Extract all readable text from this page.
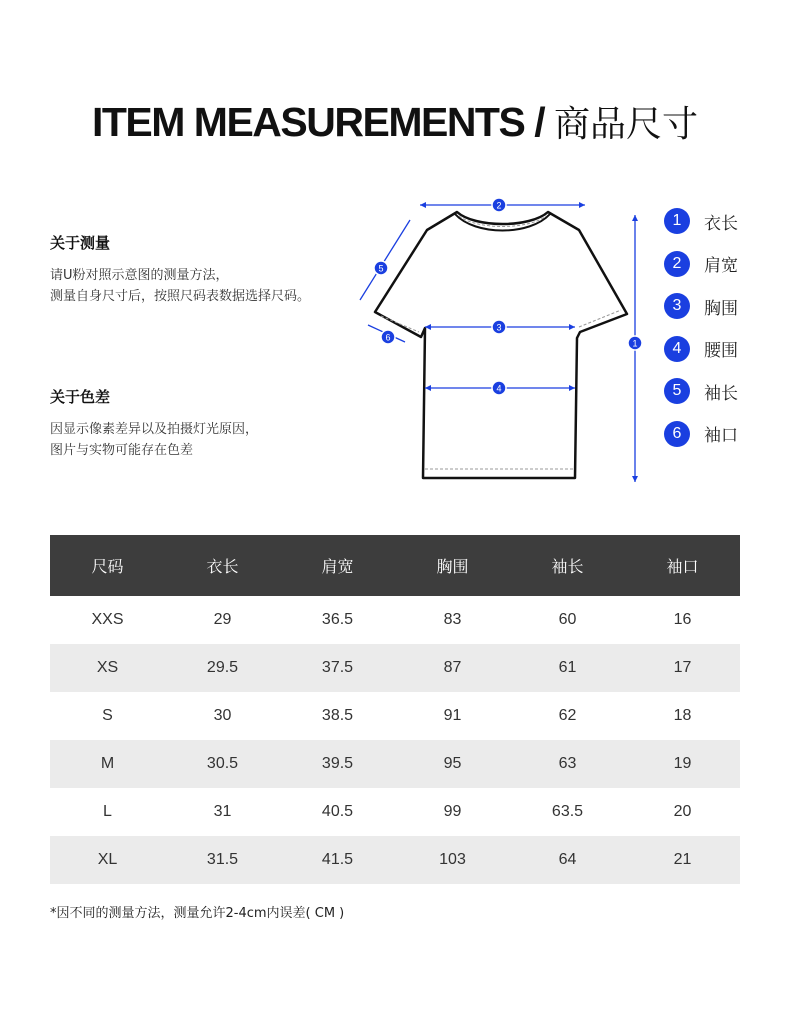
ITEM MEASUREMENTS / 商品尺寸
关于测量
请U粉对照示意图的测量方法，
测量自身尺寸后，按照尺码表数据选择尺码。
关于色差
因显示像素差异以及拍摄灯光原因，
图片与实物可能存在色差
2
5
6
3
4
1
1	衣长
2	肩宽
3	胸围
4	腰围
5	袖长
6	袖口
尺码	衣长	肩宽	胸围	袖长	袖口
XXS	29	36.5	83	60	16
XS	29.5	37.5	87	61	17
S	30	38.5	91	62	18
M	30.5	39.5	95	63	19
L	31	40.5	99	63.5	20
XL	31.5	41.5	103	64	21
*因不同的测量方法，测量允许2-4cm内误差( CM )
